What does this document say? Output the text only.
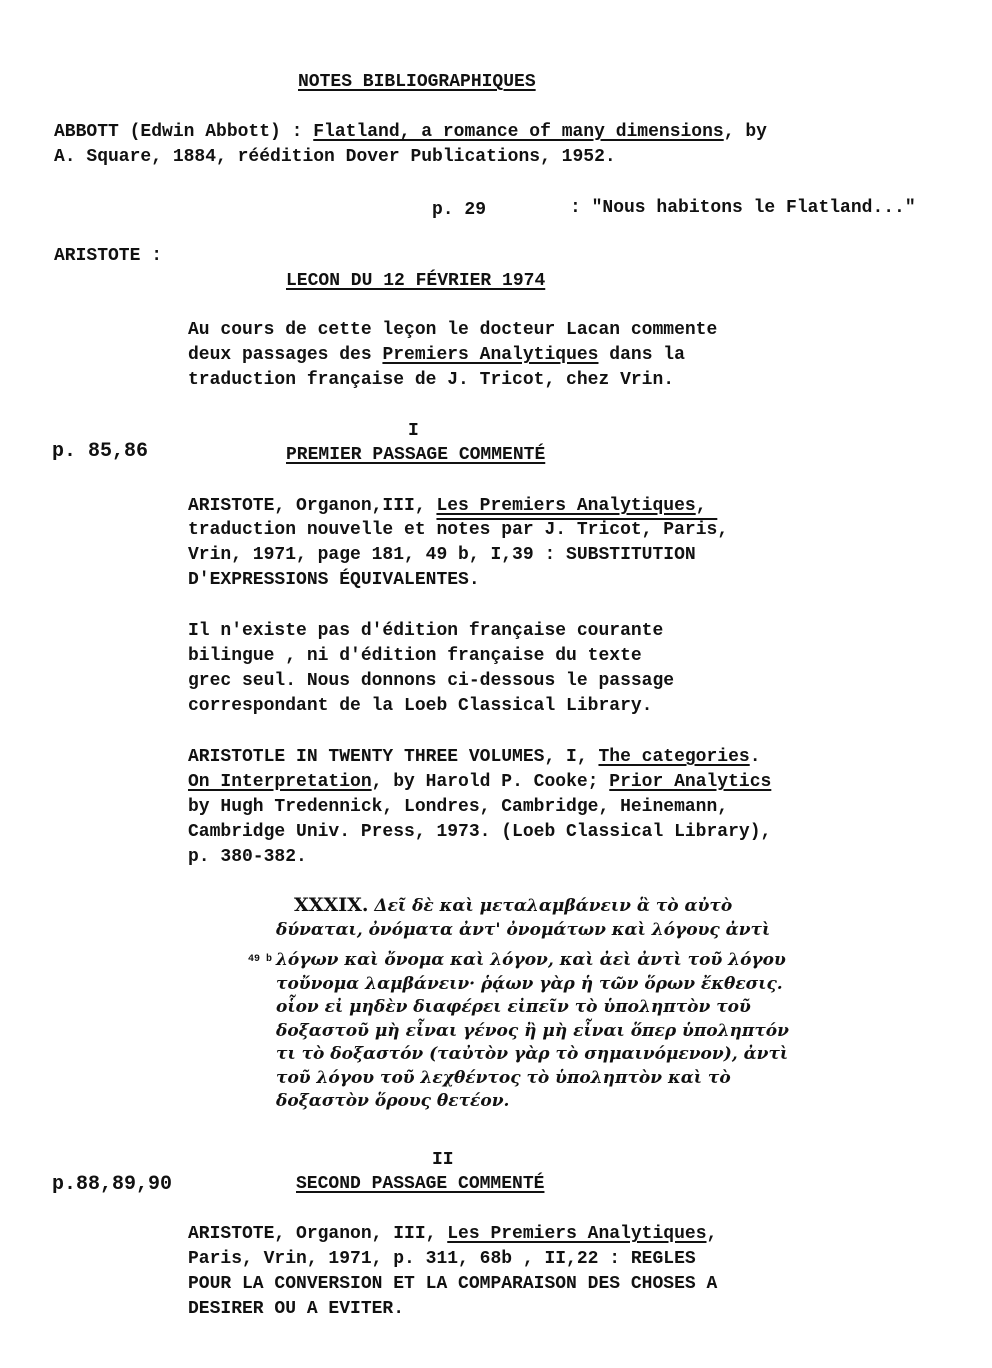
NOTES BIBLIOGRAPHIQUES
ABBOTT (Edwin Abbott) : Flatland, a romance of many dimensions, by
A. Square, 1884, réédition Dover Publications, 1952.
p. 29	: "Nous habitons le Flatland..."
ARISTOTE :
LECON DU 12 FÉVRIER 1974
Au cours de cette leçon le docteur Lacan commente
deux passages des Premiers Analytiques dans la
traduction française de J. Tricot, chez Vrin.
I
p. 85,86	PREMIER PASSAGE COMMENTÉ
ARISTOTE, Organon,III, Les Premiers Analytiques,
traduction nouvelle et notes par J. Tricot, Paris,
Vrin, 1971, page 181, 49 b, I,39 : SUBSTITUTION
D'EXPRESSIONS ÉQUIVALENTES.
Il n'existe pas d'édition française courante
bilingue , ni d'édition française du texte
grec seul. Nous donnons ci-dessous le passage
correspondant de la Loeb Classical Library.
ARISTOTLE IN TWENTY THREE VOLUMES, I, The categories.
On Interpretation, by Harold P. Cooke; Prior Analytics
by Hugh Tredennick, Londres, Cambridge, Heinemann,
Cambridge Univ. Press, 1973. (Loeb Classical Library),
p. 380-382.
49 b
XXXIX. Δεῖ δὲ καὶ μεταλαμβάνειν ἃ τὸ αὐτὸ
δύναται, ὀνόματα ἀντ' ὀνομάτων καὶ λόγους ἀντὶ
λόγων καὶ ὄνομα καὶ λόγον, καὶ ἀεὶ ἀντὶ τοῦ λόγου
τοὔνομα λαμβάνειν· ῥᾴων γὰρ ἡ τῶν ὅρων ἔκθεσις.
οἷον εἰ μηδὲν διαφέρει εἰπεῖν τὸ ὑποληπτὸν τοῦ
δοξαστοῦ μὴ εἶναι γένος ἢ μὴ εἶναι ὅπερ ὑποληπτόν
τι τὸ δοξαστόν (ταὐτὸν γὰρ τὸ σημαινόμενον), ἀντὶ
τοῦ λόγου τοῦ λεχθέντος τὸ ὑποληπτὸν καὶ τὸ
δοξαστὸν ὅρους θετέον.
II
p.88,89,90	SECOND PASSAGE COMMENTÉ
ARISTOTE, Organon, III, Les Premiers Analytiques,
Paris, Vrin, 1971, p. 311, 68b , II,22 : REGLES
POUR LA CONVERSION ET LA COMPARAISON DES CHOSES A
DESIRER OU A EVITER.
